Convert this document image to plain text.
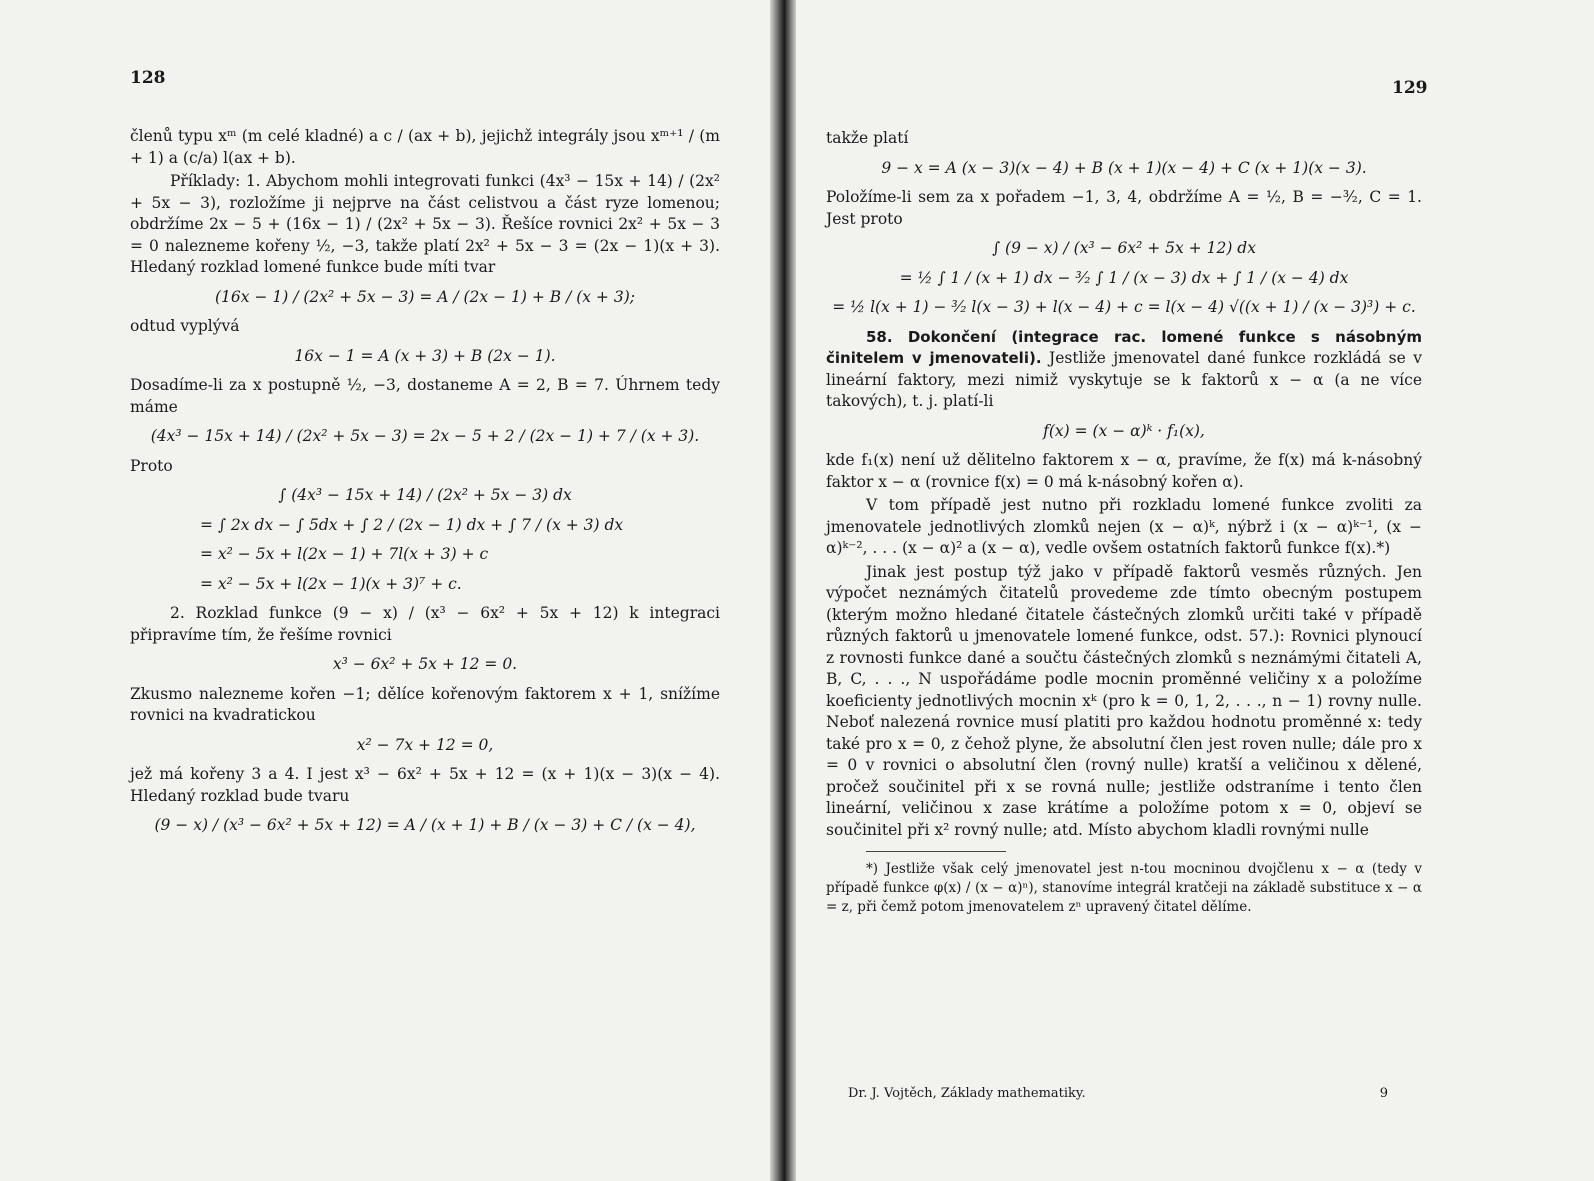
128	129
členů typu xᵐ (m celé kladné) a c / (ax + b), jejichž integrály jsou xᵐ⁺¹ / (m + 1) a (c/a) l(ax + b).
Příklady: 1. Abychom mohli integrovati funkci (4x³ − 15x + 14) / (2x² + 5x − 3), rozložíme ji nejprve na část celistvou a část ryze lomenou; obdržíme 2x − 5 + (16x − 1) / (2x² + 5x − 3). Řešíce rovnici 2x² + 5x − 3 = 0 nalezneme kořeny ½, −3, takže platí 2x² + 5x − 3 = (2x − 1)(x + 3). Hledaný rozklad lomené funkce bude míti tvar
(16x − 1) / (2x² + 5x − 3) = A / (2x − 1) + B / (x + 3);
odtud vyplývá
16x − 1 = A (x + 3) + B (2x − 1).
Dosadíme-li za x postupně ½, −3, dostaneme A = 2, B = 7. Úhrnem tedy máme
(4x³ − 15x + 14) / (2x² + 5x − 3) = 2x − 5 + 2 / (2x − 1) + 7 / (x + 3).
Proto
∫ (4x³ − 15x + 14) / (2x² + 5x − 3) dx
= ∫ 2x dx − ∫ 5dx + ∫ 2 / (2x − 1) dx + ∫ 7 / (x + 3) dx
= x² − 5x + l(2x − 1) + 7l(x + 3) + c
= x² − 5x + l(2x − 1)(x + 3)⁷ + c.
2. Rozklad funkce (9 − x) / (x³ − 6x² + 5x + 12) k integraci připravíme tím, že řešíme rovnici
x³ − 6x² + 5x + 12 = 0.
Zkusmo nalezneme kořen −1; dělíce kořenovým faktorem x + 1, snížíme rovnici na kvadratickou
x² − 7x + 12 = 0,
jež má kořeny 3 a 4. I jest x³ − 6x² + 5x + 12 = (x + 1)(x − 3)(x − 4). Hledaný rozklad bude tvaru
(9 − x) / (x³ − 6x² + 5x + 12) = A / (x + 1) + B / (x − 3) + C / (x − 4),
takže platí
9 − x = A (x − 3)(x − 4) + B (x + 1)(x − 4) + C (x + 1)(x − 3).
Položíme-li sem za x pořadem −1, 3, 4, obdržíme A = ½, B = −³⁄₂, C = 1. Jest proto
∫ (9 − x) / (x³ − 6x² + 5x + 12) dx
= ½ ∫ 1 / (x + 1) dx − ³⁄₂ ∫ 1 / (x − 3) dx + ∫ 1 / (x − 4) dx
= ½ l(x + 1) − ³⁄₂ l(x − 3) + l(x − 4) + c = l(x − 4) √((x + 1) / (x − 3)³) + c.
58. Dokončení (integrace rac. lomené funkce s násobným činitelem v jmenovateli). Jestliže jmenovatel dané funkce rozkládá se v lineární faktory, mezi nimiž vyskytuje se k faktorů x − α (a ne více takových), t. j. platí-li
f(x) = (x − α)ᵏ · f₁(x),
kde f₁(x) není už dělitelno faktorem x − α, pravíme, že f(x) má k-násobný faktor x − α (rovnice f(x) = 0 má k-násobný kořen α).
V tom případě jest nutno při rozkladu lomené funkce zvoliti za jmenovatele jednotlivých zlomků nejen (x − α)ᵏ, nýbrž i (x − α)ᵏ⁻¹, (x − α)ᵏ⁻², . . . (x − α)² a (x − α), vedle ovšem ostatních faktorů funkce f(x).*)
Jinak jest postup týž jako v případě faktorů vesměs různých. Jen výpočet neznámých čitatelů provedeme zde tímto obecným postupem (kterým možno hledané čitatele částečných zlomků určiti také v případě různých faktorů u jmenovatele lomené funkce, odst. 57.): Rovnici plynoucí z rovnosti funkce dané a součtu částečných zlomků s neznámými čitateli A, B, C, . . ., N uspořádáme podle mocnin proměnné veličiny x a položíme koeficienty jednotlivých mocnin xᵏ (pro k = 0, 1, 2, . . ., n − 1) rovny nulle. Neboť nalezená rovnice musí platiti pro každou hodnotu proměnné x: tedy také pro x = 0, z čehož plyne, že absolutní člen jest roven nulle; dále pro x = 0 v rovnici o absolutní člen (rovný nulle) kratší a veličinou x dělené, pročež součinitel při x se rovná nulle; jestliže odstraníme i tento člen lineární, veličinou x zase krátíme a položíme potom x = 0, objeví se součinitel při x² rovný nulle; atd. Místo abychom kladli rovnými nulle
*) Jestliže však celý jmenovatel jest n-tou mocninou dvojčlenu x − α (tedy v případě funkce φ(x) / (x − α)ⁿ), stanovíme integrál kratčeji na základě substituce x − α = z, při čemž potom jmenovatelem zⁿ upravený čitatel dělíme.
Dr. J. Vojtěch, Základy mathematiky.	9
